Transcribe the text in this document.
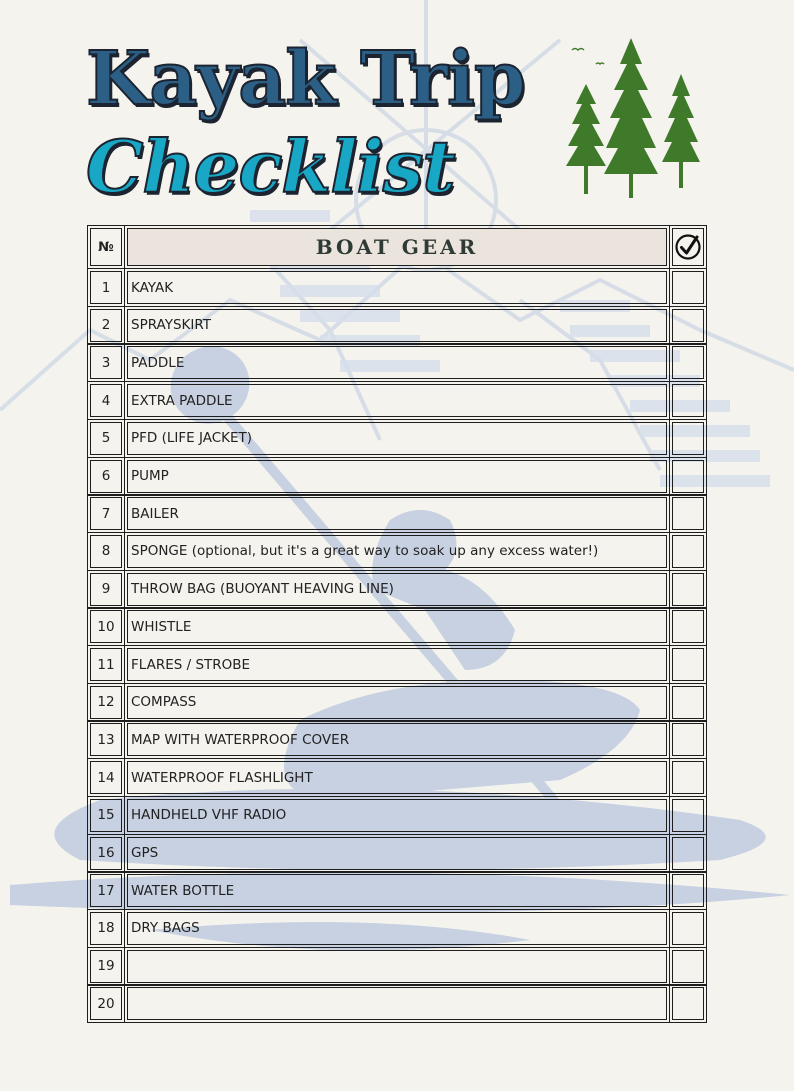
Kayak Trip
Checklist
№	BOAT GEAR
1	KAYAK
2	SPRAYSKIRT
3	PADDLE
4	EXTRA PADDLE
5	PFD (LIFE JACKET)
6	PUMP
7	BAILER
8	SPONGE (optional, but it's a great way to soak up any excess water!)
9	THROW BAG (BUOYANT HEAVING LINE)
10	WHISTLE
11	FLARES / STROBE
12	COMPASS
13	MAP WITH WATERPROOF COVER
14	WATERPROOF FLASHLIGHT
15	HANDHELD VHF RADIO
16	GPS
17	WATER BOTTLE
18	DRY BAGS
19
20
